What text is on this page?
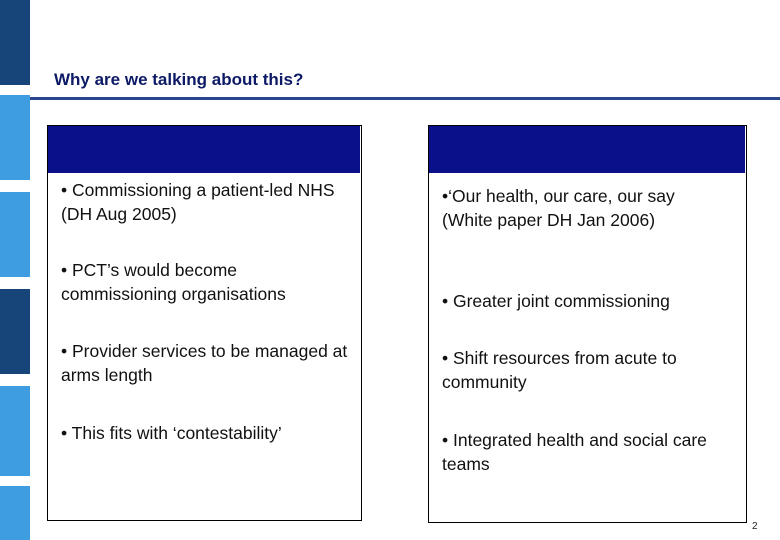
Why are we talking about this?

• Commissioning a patient-led NHS (DH Aug 2005)

• PCT’s would become commissioning organisations

• Provider services to be managed at arms length

• This fits with ‘contestability’

•‘Our health, our care, our say (White paper DH Jan 2006)

• Greater joint commissioning

• Shift resources from acute to community

• Integrated health and social care teams

2
